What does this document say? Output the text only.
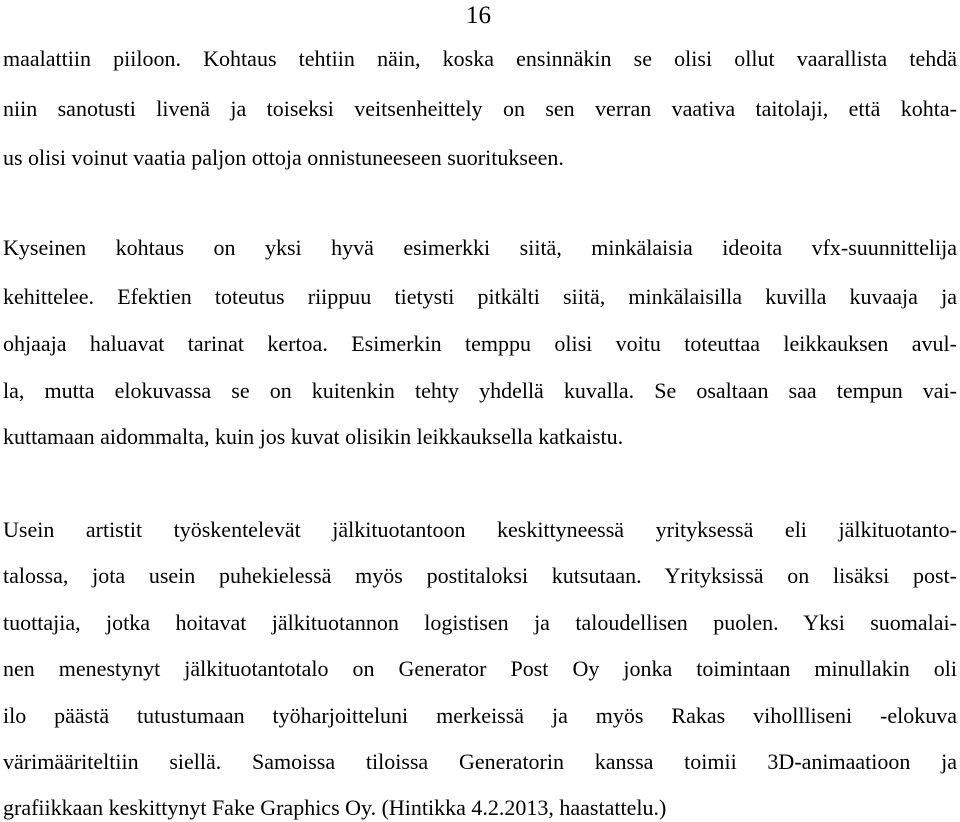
16
maalattiin piiloon. Kohtaus tehtiin näin, koska ensinnäkin se olisi ollut vaarallista tehdä
niin sanotusti livenä ja toiseksi veitsenheittely on sen verran vaativa taitolaji, että kohta-
us olisi voinut vaatia paljon ottoja onnistuneeseen suoritukseen.
Kyseinen kohtaus on yksi hyvä esimerkki siitä, minkälaisia ideoita vfx-suunnittelija
kehittelee. Efektien toteutus riippuu tietysti pitkälti siitä, minkälaisilla kuvilla kuvaaja ja
ohjaaja haluavat tarinat kertoa. Esimerkin temppu olisi voitu toteuttaa leikkauksen avul-
la, mutta elokuvassa se on kuitenkin tehty yhdellä kuvalla. Se osaltaan saa tempun vai-
kuttamaan aidommalta, kuin jos kuvat olisikin leikkauksella katkaistu.
Usein artistit työskentelevät jälkituotantoon keskittyneessä yrityksessä eli jälkituotanto-
talossa, jota usein puhekielessä myös postitaloksi kutsutaan. Yrityksissä on lisäksi post-
tuottajia, jotka hoitavat jälkituotannon logistisen ja taloudellisen puolen. Yksi suomalai-
nen menestynyt jälkituotantotalo on Generator Post Oy jonka toimintaan minullakin oli
ilo päästä tutustumaan työharjoitteluni merkeissä ja myös Rakas vihollliseni -elokuva
värimääriteltiin siellä. Samoissa tiloissa Generatorin kanssa toimii 3D-animaatioon ja
grafiikkaan keskittynyt Fake Graphics Oy. (Hintikka 4.2.2013, haastattelu.)
